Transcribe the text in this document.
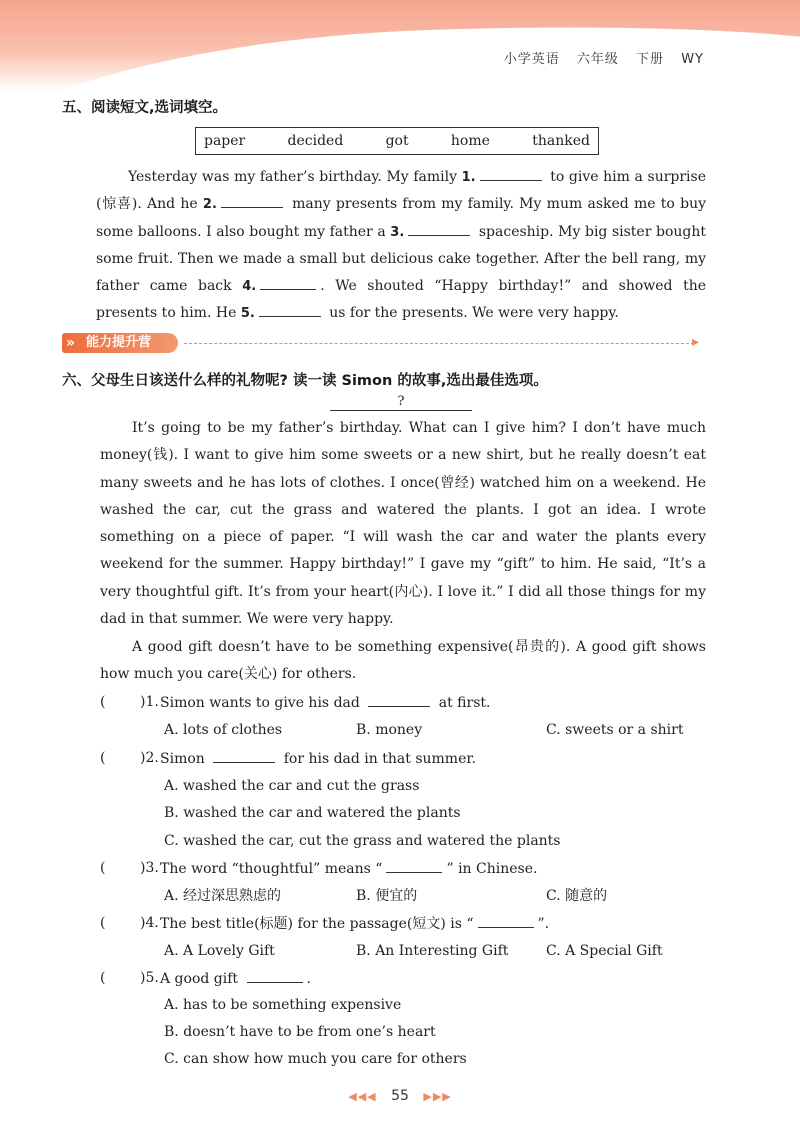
小学英语 六年级 下册 WY
五、阅读短文,选词填空。
paper	decided	got	home	thanked
Yesterday was my father’s birthday. My family 1.	to give him a surprise (惊喜). And he 2.	many presents from my family. My mum asked me to buy some balloons. I also bought my father a 3.	spaceship. My big sister bought some fruit. Then we made a small but delicious cake together. After the bell rang, my father came back 4.	. We shouted “Happy birthday!” and showed the presents to him. He 5.	us for the presents. We were very happy.
» 能力提升营	▸
六、父母生日该送什么样的礼物呢? 读一读 Simon 的故事,选出最佳选项。
?
It’s going to be my father’s birthday. What can I give him? I don’t have much money(钱). I want to give him some sweets or a new shirt, but he really doesn’t eat many sweets and he has lots of clothes. I once(曾经) watched him on a weekend. He washed the car, cut the grass and watered the plants. I got an idea. I wrote something on a piece of paper. “I will wash the car and water the plants every weekend for the summer. Happy birthday!” I gave my “gift” to him. He said, “It’s a very thoughtful gift. It’s from your heart(内心). I love it.” I did all those things for my dad in that summer. We were very happy.
A good gift doesn’t have to be something expensive(昂贵的). A good gift shows how much you care(关心) for others.
( )1. Simon wants to give his dad	at first.
A. lots of clothes	B. money	C. sweets or a shirt
( )2. Simon	for his dad in that summer.
A. washed the car and cut the grass
B. washed the car and watered the plants
C. washed the car, cut the grass and watered the plants
( )3. The word “thoughtful” means “	” in Chinese.
A. 经过深思熟虑的	B. 便宜的	C. 随意的
( )4. The best title(标题) for the passage(短文) is “	”.
A. A Lovely Gift	B. An Interesting Gift	C. A Special Gift
( )5. A good gift	.
A. has to be something expensive
B. doesn’t have to be from one’s heart
C. can show how much you care for others
◀◀◀ 55 ▶▶▶
